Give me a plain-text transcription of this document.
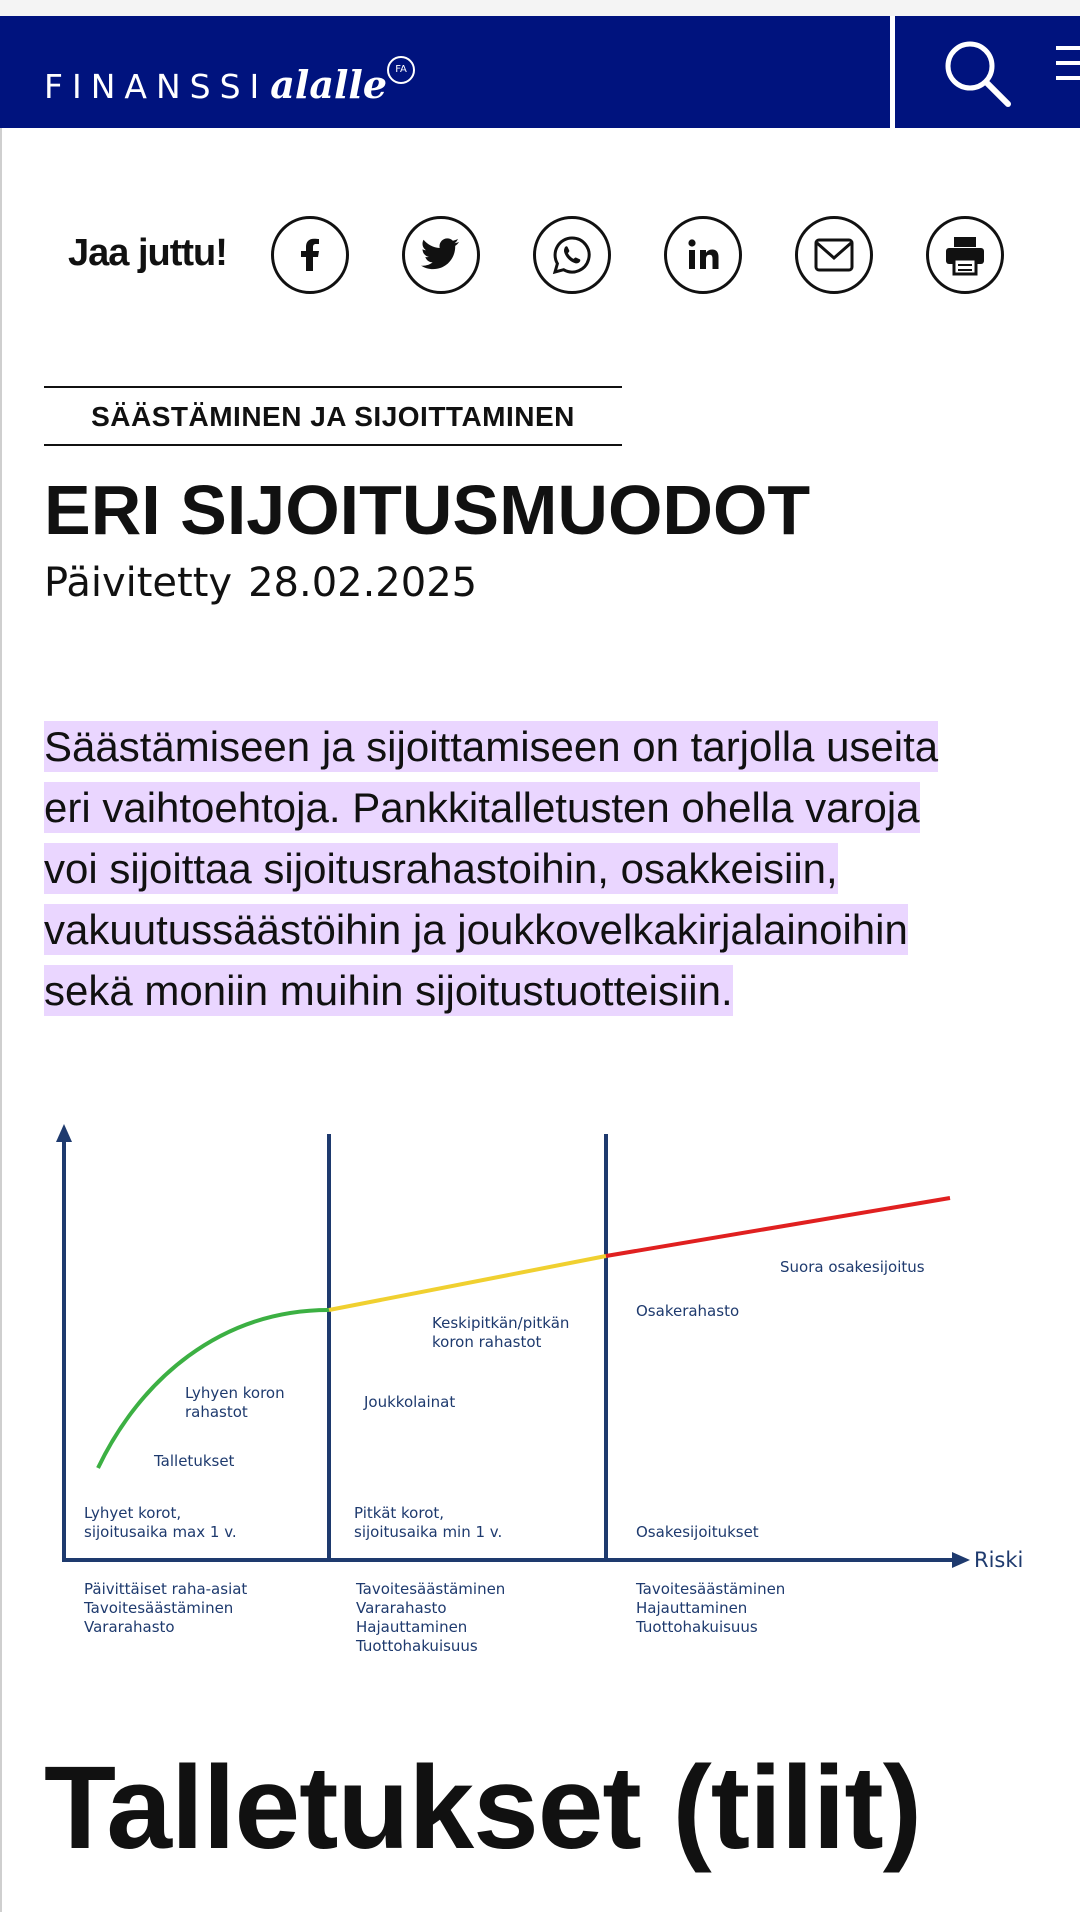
FINANSSI alalle FA
Jaa juttu!
SÄÄSTÄMINEN JA SIJOITTAMINEN
ERI SIJOITUSMUODOT
Päivitetty 28.02.2025
Säästämiseen ja sijoittamiseen on tarjolla useita
eri vaihtoehtoja. Pankkitalletusten ohella varoja
voi sijoittaa sijoitusrahastoihin, osakkeisiin,
vakuutussäästöihin ja joukkovelkakirjalainoihin
sekä moniin muihin sijoitustuotteisiin.
Riski
Suora osakesijoitus
Osakerahasto
Keskipitkän/pitkän
koron rahastot
Lyhyen koron
rahastot
Joukkolainat
Talletukset
Lyhyet korot,
sijoitusaika max 1 v.
Pitkät korot,
sijoitusaika min 1 v.	Osakesijoitukset
Päivittäiset raha-asiat
Tavoitesäästäminen
Vararahasto
Tavoitesäästäminen
Vararahasto
Hajauttaminen
Tuottohakuisuus
Tavoitesäästäminen
Hajauttaminen
Tuottohakuisuus
Talletukset (tilit)
